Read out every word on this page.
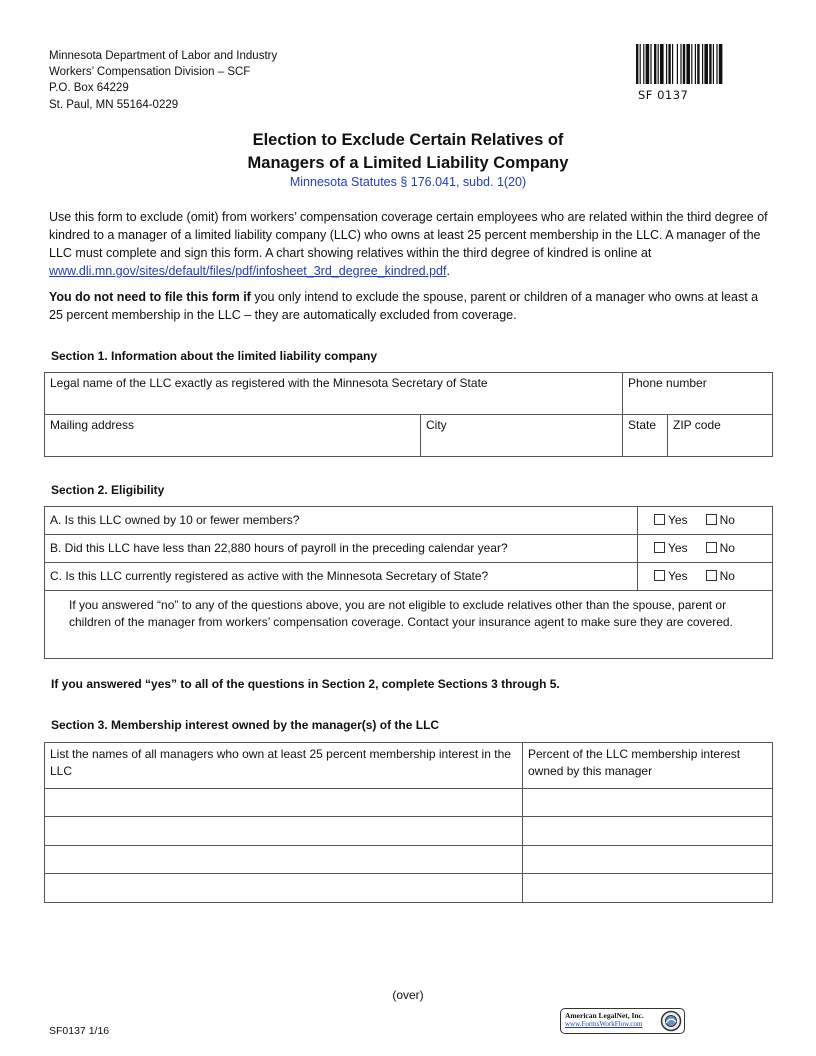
Minnesota Department of Labor and Industry
Workers’ Compensation Division – SCF
P.O. Box 64229
St. Paul, MN 55164-0229
SF 0137
Election to Exclude Certain Relatives of
Managers of a Limited Liability Company
Minnesota Statutes § 176.041, subd. 1(20)
Use this form to exclude (omit) from workers’ compensation coverage certain employees who are related within the third degree of kindred to a manager of a limited liability company (LLC) who owns at least 25 percent membership in the LLC. A manager of the LLC must complete and sign this form. A chart showing relatives within the third degree of kindred is online at www.dli.mn.gov/sites/default/files/pdf/infosheet_3rd_degree_kindred.pdf.
You do not need to file this form if you only intend to exclude the spouse, parent or children of a manager who owns at least a 25 percent membership in the LLC – they are automatically excluded from coverage.
Section 1. Information about the limited liability company
Legal name of the LLC exactly as registered with the Minnesota Secretary of State		Phone number	
Mailing address	City	State	ZIP code
Section 2. Eligibility
A. Is this LLC owned by 10 or fewer members?	Yes No
B. Did this LLC have less than 22,880 hours of payroll in the preceding calendar year?	Yes No
C. Is this LLC currently registered as active with the Minnesota Secretary of State?	Yes No
If you answered “no” to any of the questions above, you are not eligible to exclude relatives other than the spouse, parent or children of the manager from workers’ compensation coverage. Contact your insurance agent to make sure they are covered.	
If you answered “yes” to all of the questions in Section 2, complete Sections 3 through 5.
Section 3. Membership interest owned by the manager(s) of the LLC
List the names of all managers who own at least 25 percent membership interest in the LLC	Percent of the LLC membership interest owned by this manager

(over)
SF0137 1/16
American LegalNet, Inc.
www.FormsWorkFlow.com
